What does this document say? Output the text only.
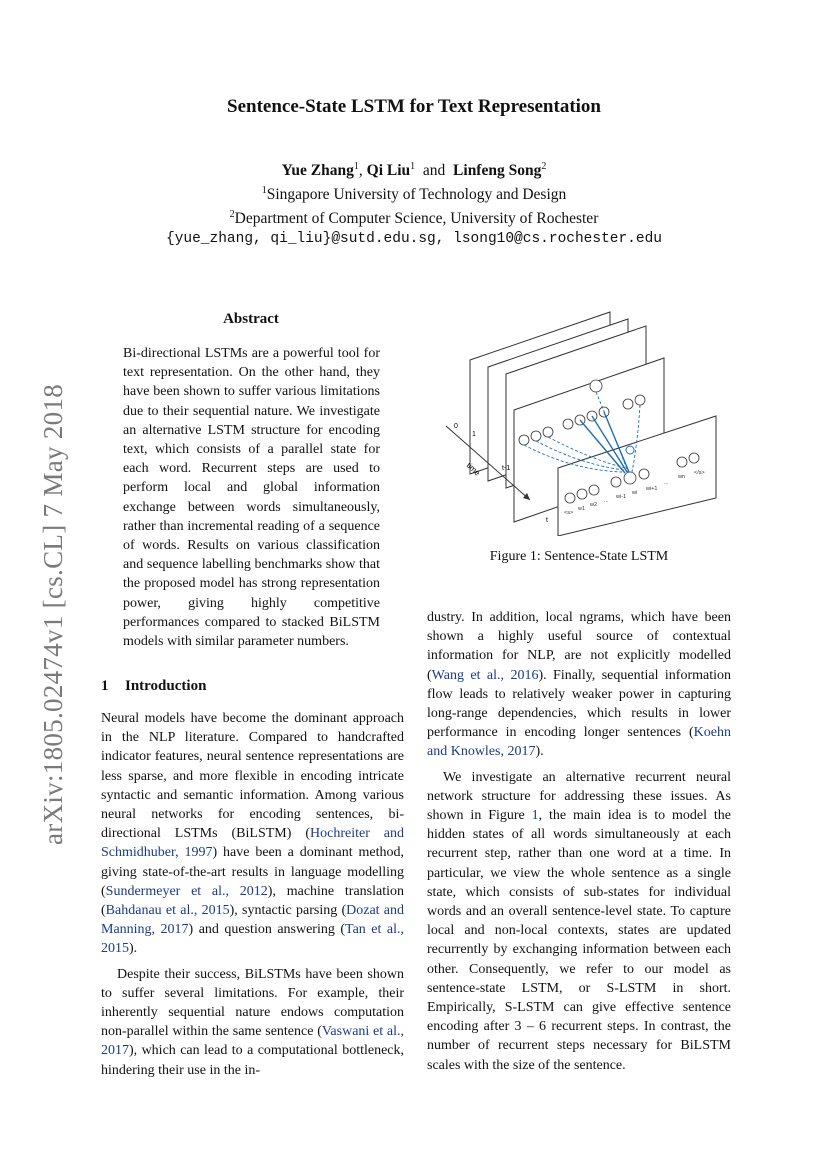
Sentence-State LSTM for Text Representation
Yue Zhang$^1$, Qi Liu$^1$ and Linfeng Song$^2$
$^1$Singapore University of Technology and Design
$^2$Department of Computer Science, University of Rochester
{yue_zhang, qi_liu}@sutd.edu.sg, lsong10@cs.rochester.edu
arXiv:1805.02474v1 [cs.CL] 7 May 2018
Abstract
Bi-directional LSTMs are a powerful tool for text representation. On the other hand, they have been shown to suffer various limitations due to their sequential nature. We investigate an alternative LSTM structure for encoding text, which consists of a parallel state for each word. Recurrent steps are used to perform local and global information exchange between words simultaneously, rather than incremental reading of a sequence of words. Results on various classification and sequence labelling benchmarks show that the proposed model has strong representation power, giving highly competitive performances compared to stacked BiLSTM models with similar parameter numbers.
1 Introduction

Neural models have become the dominant approach in the NLP literature. Compared to handcrafted indicator features, neural sentence representations are less sparse, and more flexible in encoding intricate syntactic and semantic information. Among various neural networks for encoding sentences, bi-directional LSTMs (BiLSTM) (Hochreiter and Schmidhuber, 1997) have been a dominant method, giving state-of-the-art results in language modelling (Sundermeyer et al., 2012), machine translation (Bahdanau et al., 2015), syntactic parsing (Dozat and Manning, 2017) and question answering (Tan et al., 2015).

Despite their success, BiLSTMs have been shown to suffer several limitations. For example, their inherently sequential nature endows computation non-parallel within the same sentence (Vaswani et al., 2017), which can lead to a computational bottleneck, hindering their use in the in-

time
0
1
t-1
t
<s>
w1
w2
...
wi-1
wi
wi+1
...
wn
</s>
Figure 1: Sentence-State LSTM

dustry. In addition, local ngrams, which have been shown a highly useful source of contextual information for NLP, are not explicitly modelled (Wang et al., 2016). Finally, sequential information flow leads to relatively weaker power in capturing long-range dependencies, which results in lower performance in encoding longer sentences (Koehn and Knowles, 2017).

We investigate an alternative recurrent neural network structure for addressing these issues. As shown in Figure 1, the main idea is to model the hidden states of all words simultaneously at each recurrent step, rather than one word at a time. In particular, we view the whole sentence as a single state, which consists of sub-states for individual words and an overall sentence-level state. To capture local and non-local contexts, states are updated recurrently by exchanging information between each other. Consequently, we refer to our model as sentence-state LSTM, or S-LSTM in short. Empirically, S-LSTM can give effective sentence encoding after 3 – 6 recurrent steps. In contrast, the number of recurrent steps necessary for BiLSTM scales with the size of the sentence.
